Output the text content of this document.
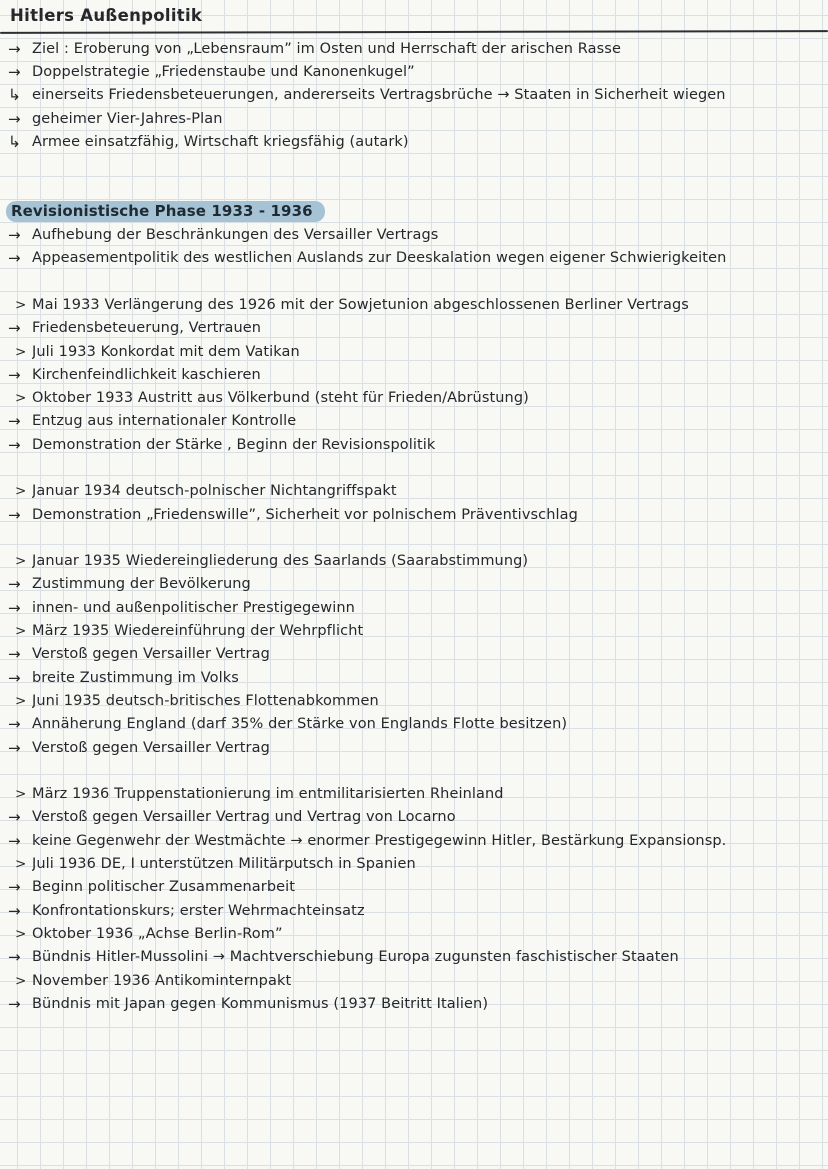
Hitlers Außenpolitik
→ Ziel : Eroberung von „Lebensraum” im Osten und Herrschaft der arischen Rasse
→ Doppelstrategie „Friedenstaube und Kanonenkugel”
↳ einerseits Friedensbeteuerungen, andererseits Vertragsbrüche → Staaten in Sicherheit wiegen
→ geheimer Vier-Jahres-Plan
↳ Armee einsatzfähig, Wirtschaft kriegsfähig (autark)
Revisionistische Phase 1933 - 1936
→ Aufhebung der Beschränkungen des Versailler Vertrags
→ Appeasementpolitik des westlichen Auslands zur Deeskalation wegen eigener Schwierigkeiten
> Mai 1933 Verlängerung des 1926 mit der Sowjetunion abgeschlossenen Berliner Vertrags
→ Friedensbeteuerung, Vertrauen
> Juli 1933 Konkordat mit dem Vatikan
→ Kirchenfeindlichkeit kaschieren
> Oktober 1933 Austritt aus Völkerbund (steht für Frieden/Abrüstung)
→ Entzug aus internationaler Kontrolle
→ Demonstration der Stärke , Beginn der Revisionspolitik
> Januar 1934 deutsch-polnischer Nichtangriffspakt
→ Demonstration „Friedenswille”, Sicherheit vor polnischem Präventivschlag
> Januar 1935 Wiedereingliederung des Saarlands (Saarabstimmung)
→ Zustimmung der Bevölkerung
→ innen- und außenpolitischer Prestigegewinn
> März 1935 Wiedereinführung der Wehrpflicht
→ Verstoß gegen Versailler Vertrag
→ breite Zustimmung im Volks
> Juni 1935 deutsch-britisches Flottenabkommen
→ Annäherung England (darf 35% der Stärke von Englands Flotte besitzen)
→ Verstoß gegen Versailler Vertrag
> März 1936 Truppenstationierung im entmilitarisierten Rheinland
→ Verstoß gegen Versailler Vertrag und Vertrag von Locarno
→ keine Gegenwehr der Westmächte → enormer Prestigegewinn Hitler, Bestärkung Expansionsp.
> Juli 1936 DE, I unterstützen Militärputsch in Spanien
→ Beginn politischer Zusammenarbeit
→ Konfrontationskurs; erster Wehrmachteinsatz
> Oktober 1936 „Achse Berlin-Rom”
→ Bündnis Hitler-Mussolini → Machtverschiebung Europa zugunsten faschistischer Staaten
> November 1936 Antikominternpakt
→ Bündnis mit Japan gegen Kommunismus (1937 Beitritt Italien)
